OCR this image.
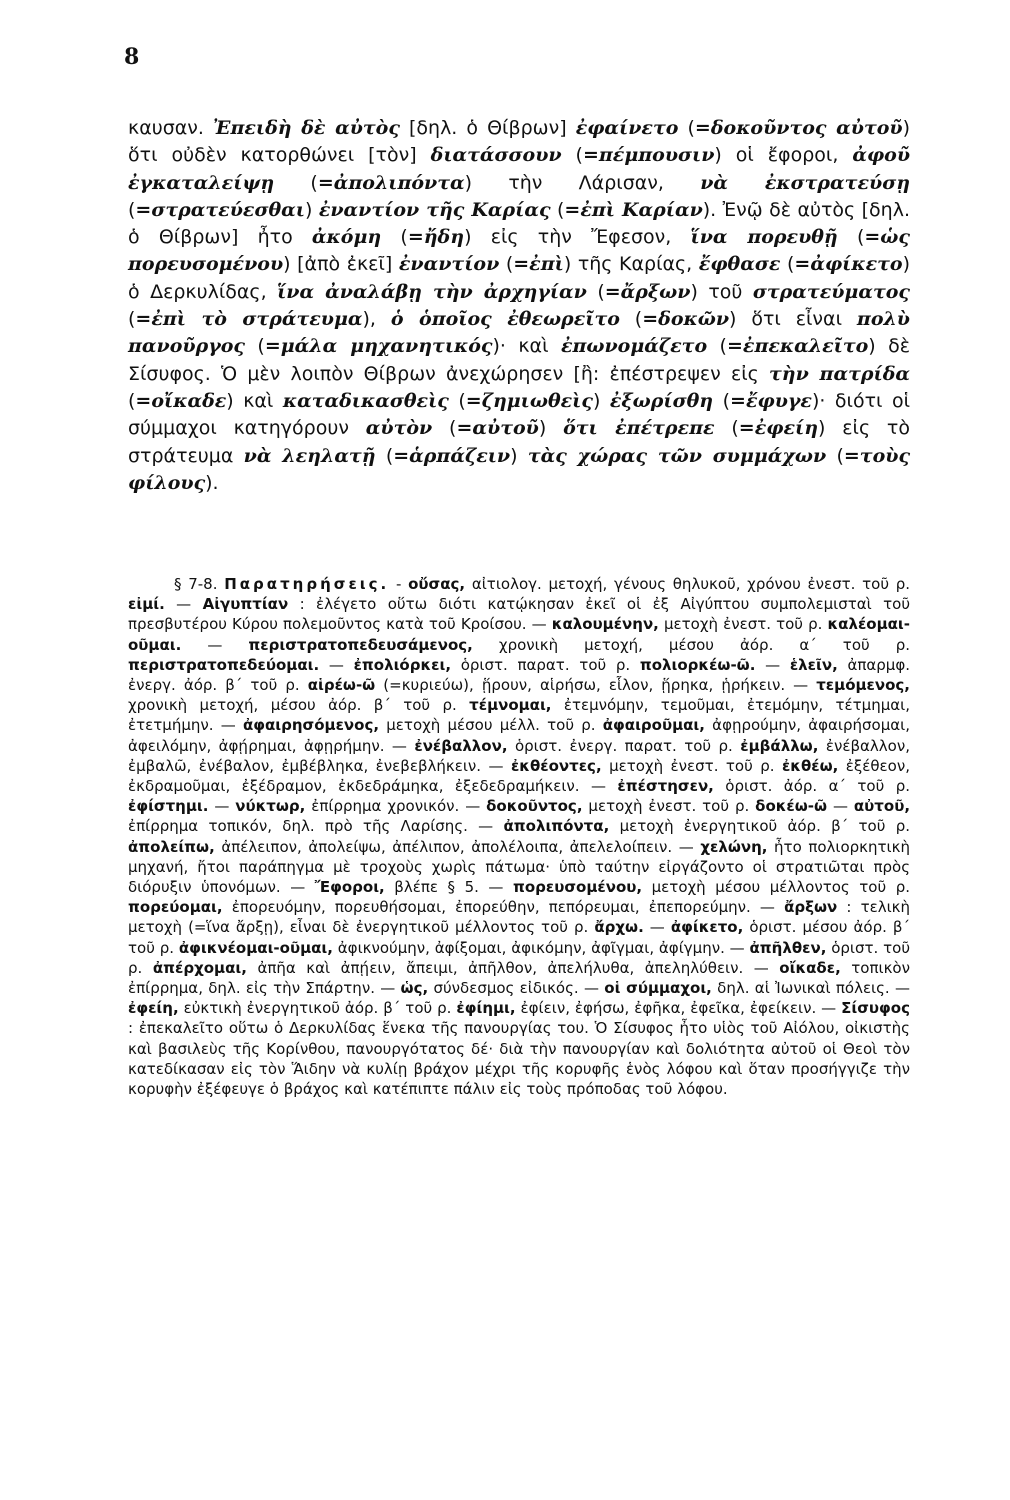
8

καυσαν. Ἐπειδὴ δὲ αὐτὸς [δηλ. ὁ Θίβρων] ἐφαίνετο (=δοκοῦντος αὐτοῦ) ὅτι οὐδὲν κατορθώνει [τὸν] διατάσσουν (=πέμπουσιν) οἱ ἔφοροι, ἀφοῦ ἐγκαταλείψῃ (=ἀπολιπόντα) τὴν Λάρισαν, νὰ ἐκστρατεύσῃ (=στρατεύεσθαι) ἐναντίον τῆς Καρίας (=ἐπὶ Καρίαν). Ἐνῷ δὲ αὐτὸς [δηλ. ὁ Θίβρων] ἦτο ἀκόμη (=ἤδη) εἰς τὴν Ἔφεσον, ἵνα πορευθῇ (=ὡς πορευσομένου) [ἀπὸ ἐκεῖ] ἐναντίον (=ἐπὶ) τῆς Καρίας, ἔφθασε (=ἀφίκετο) ὁ Δερκυλίδας, ἵνα ἀναλάβῃ τὴν ἀρχηγίαν (=ἄρξων) τοῦ στρατεύματος (=ἐπὶ τὸ στράτευμα), ὁ ὁποῖος ἐθεωρεῖτο (=δοκῶν) ὅτι εἶναι πολὺ πανοῦργος (=μάλα μηχανητικός)· καὶ ἐπωνομάζετο (=ἐπεκαλεῖτο) δὲ Σίσυφος. Ὁ μὲν λοιπὸν Θίβρων ἀνεχώρησεν [ἢ: ἐπέστρεψεν εἰς τὴν πατρίδα (=οἴκαδε) καὶ καταδικασθεὶς (=ζημιωθεὶς) ἐξωρίσθη (=ἔφυγε)· διότι οἱ σύμμαχοι κατηγόρουν αὐτὸν (=αὐτοῦ) ὅτι ἐπέτρεπε (=ἐφείη) εἰς τὸ στράτευμα νὰ λεηλατῇ (=ἁρπάζειν) τὰς χώρας τῶν συμμάχων (=τοὺς φίλους).

§ 7-8. Παρατηρήσεις. - οὔσας, αἰτιολογ. μετοχή, γένους θηλυκοῦ, χρόνου ἐνεστ. τοῦ ρ. εἰμί. — Αἰγυπτίαν : ἐλέγετο οὕτω διότι κατῴκησαν ἐκεῖ οἱ ἐξ Αἰγύπτου συμπολεμισταὶ τοῦ πρεσβυτέρου Κύρου πολεμοῦντος κατὰ τοῦ Κροίσου. — καλουμένην, μετοχὴ ἐνεστ. τοῦ ρ. καλέομαι-οῦμαι. — περιστρατοπεδευσάμενος, χρονικὴ μετοχή, μέσου ἀόρ. α΄ τοῦ ρ. περιστρατοπεδεύομαι. — ἐπολιόρκει, ὁριστ. παρατ. τοῦ ρ. πολιορκέω-ῶ. — ἑλεῖν, ἀπαρμφ. ἐνεργ. ἀόρ. β΄ τοῦ ρ. αἱρέω-ῶ (=κυριεύω), ᾕρουν, αἱρήσω, εἷλον, ᾕρηκα, ᾑρήκειν. — τεμόμενος, χρονικὴ μετοχή, μέσου ἀόρ. β΄ τοῦ ρ. τέμνομαι, ἐτεμνόμην, τεμοῦμαι, ἐτεμόμην, τέτμημαι, ἐτετμήμην. — ἀφαιρησόμενος, μετοχὴ μέσου μέλλ. τοῦ ρ. ἀφαιροῦμαι, ἀφῃρούμην, ἀφαιρήσομαι, ἀφειλόμην, ἀφῄρημαι, ἀφῃρήμην. — ἐνέβαλλον, ὁριστ. ἐνεργ. παρατ. τοῦ ρ. ἐμβάλλω, ἐνέβαλλον, ἐμβαλῶ, ἐνέβαλον, ἐμβέβληκα, ἐνεβεβλήκειν. — ἐκθέοντες, μετοχὴ ἐνεστ. τοῦ ρ. ἐκθέω, ἐξέθεον, ἐκδραμοῦμαι, ἐξέδραμον, ἐκδεδράμηκα, ἐξεδεδραμήκειν. — ἐπέστησεν, ὁριστ. ἀόρ. α΄ τοῦ ρ. ἐφίστημι. — νύκτωρ, ἐπίρρημα χρονικόν. — δοκοῦντος, μετοχὴ ἐνεστ. τοῦ ρ. δοκέω-ῶ — αὐτοῦ, ἐπίρρημα τοπικόν, δηλ. πρὸ τῆς Λαρίσης. — ἀπολιπόντα, μετοχὴ ἐνεργητικοῦ ἀόρ. β΄ τοῦ ρ. ἀπολείπω, ἀπέλειπον, ἀπολείψω, ἀπέλιπον, ἀπολέλοιπα, ἀπελελοίπειν. — χελώνη, ἦτο πολιορκητικὴ μηχανή, ἤτοι παράπηγμα μὲ τροχοὺς χωρὶς πάτωμα· ὑπὸ ταύτην εἰργάζοντο οἱ στρατιῶται πρὸς διόρυξιν ὑπονόμων. — Ἔφοροι, βλέπε § 5. — πορευσομένου, μετοχὴ μέσου μέλλοντος τοῦ ρ. πορεύομαι, ἐπορευόμην, πορευθήσομαι, ἐπορεύθην, πεπόρευμαι, ἐπεπορεύμην. — ἄρξων : τελικὴ μετοχὴ (=ἵνα ἄρξῃ), εἶναι δὲ ἐνεργητικοῦ μέλλοντος τοῦ ρ. ἄρχω. — ἀφίκετο, ὁριστ. μέσου ἀόρ. β΄ τοῦ ρ. ἀφικνέομαι-οῦμαι, ἀφικνούμην, ἀφίξομαι, ἀφικόμην, ἀφῖγμαι, ἀφίγμην. — ἀπῆλθεν, ὁριστ. τοῦ ρ. ἀπέρχομαι, ἀπῆα καὶ ἀπῄειν, ἄπειμι, ἀπῆλθον, ἀπελήλυθα, ἀπεληλύθειν. — οἴκαδε, τοπικὸν ἐπίρρημα, δηλ. εἰς τὴν Σπάρτην. — ὡς, σύνδεσμος εἰδικός. — οἱ σύμμαχοι, δηλ. αἱ Ἰωνικαὶ πόλεις. — ἐφείη, εὐκτικὴ ἐνεργητικοῦ ἀόρ. β΄ τοῦ ρ. ἐφίημι, ἐφίειν, ἐφήσω, ἐφῆκα, ἐφεῖκα, ἐφείκειν. — Σίσυφος : ἐπεκαλεῖτο οὕτω ὁ Δερκυλίδας ἕνεκα τῆς πανουργίας του. Ὁ Σίσυφος ἦτο υἱὸς τοῦ Αἰόλου, οἰκιστὴς καὶ βασιλεὺς τῆς Κορίνθου, πανουργότατος δέ· διὰ τὴν πανουργίαν καὶ δολιότητα αὐτοῦ οἱ Θεοὶ τὸν κατεδίκασαν εἰς τὸν Ἅιδην νὰ κυλίῃ βράχον μέχρι τῆς κορυφῆς ἑνὸς λόφου καὶ ὅταν προσήγγιζε τὴν κορυφὴν ἐξέφευγε ὁ βράχος καὶ κατέπιπτε πάλιν εἰς τοὺς πρόποδας τοῦ λόφου.
